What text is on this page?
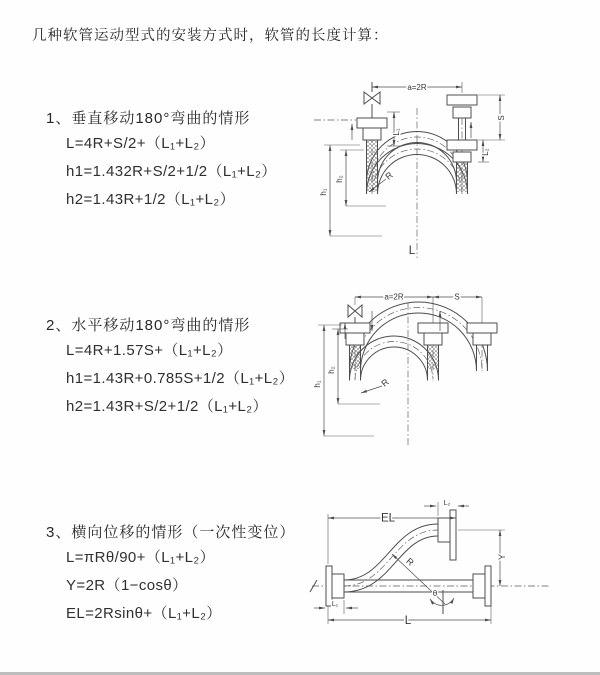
几种软管运动型式的安装方式时，软管的长度计算：
1、垂直移动180°弯曲的情形
L=4R+S/2+（L₁+L₂）
h1=1.432R+S/2+1/2（L₁+L₂）
h2=1.43R+1/2（L₁+L₂）
2、水平移动180°弯曲的情形
L=4R+1.57S+（L₁+L₂）
h1=1.43R+0.785S+1/2（L₁+L₂）
h2=1.43R+S/2+1/2（L₁+L₂）
3、横向位移的情形（一次性变位）
L=πRθ/90+（L₁+L₂）
Y=2R（1−cosθ）
EL=2Rsinθ+（L₁+L₂）
a=2R
L₁
h₁
h₂
S
L₂
R
L
a=2R	S
h₁
h₂
R
EL
L
L₁
L₂
Y
R
θ
